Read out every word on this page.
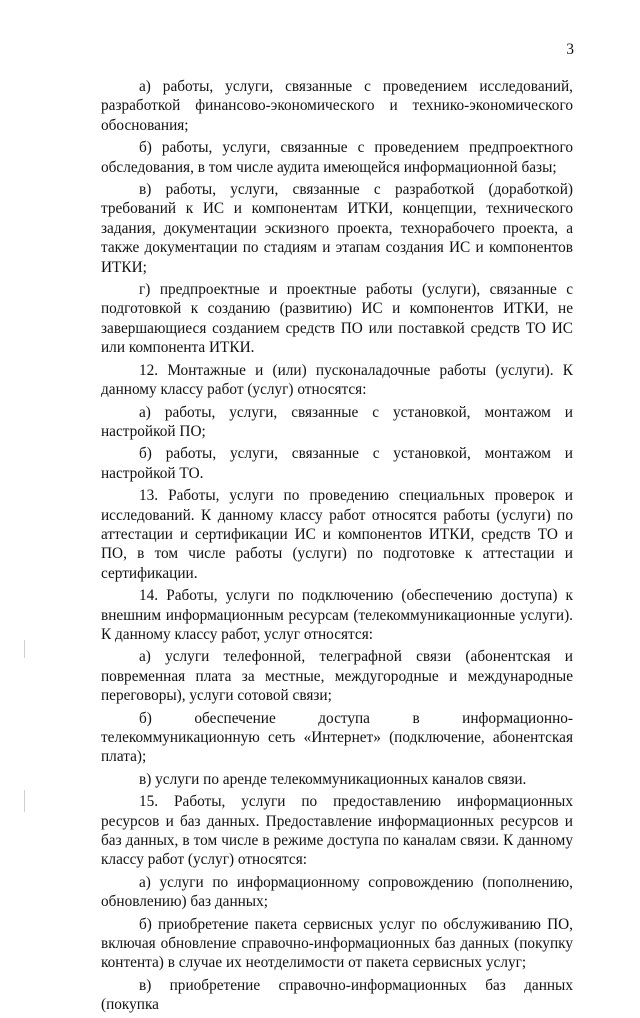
3

а) работы, услуги, связанные с проведением исследований, разработкой финансово-экономического и технико-экономического обоснования;

б) работы, услуги, связанные с проведением предпроектного обследования, в том числе аудита имеющейся информационной базы;

в) работы, услуги, связанные с разработкой (доработкой) требований к ИС и компонентам ИТКИ, концепции, технического задания, документации эскизного проекта, технорабочего проекта, а также документации по стадиям и этапам создания ИС и компонентов ИТКИ;

г) предпроектные и проектные работы (услуги), связанные с подготовкой к созданию (развитию) ИС и компонентов ИТКИ, не завершающиеся созданием средств ПО или поставкой средств ТО ИС или компонента ИТКИ.

12. Монтажные и (или) пусконаладочные работы (услуги). К данному классу работ (услуг) относятся:

а) работы, услуги, связанные с установкой, монтажом и настройкой ПО;

б) работы, услуги, связанные с установкой, монтажом и настройкой ТО.

13. Работы, услуги по проведению специальных проверок и исследований. К данному классу работ относятся работы (услуги) по аттестации и сертификации ИС и компонентов ИТКИ, средств ТО и ПО, в том числе работы (услуги) по подготовке к аттестации и сертификации.

14. Работы, услуги по подключению (обеспечению доступа) к внешним информационным ресурсам (телекоммуникационные услуги). К данному классу работ, услуг относятся:

а) услуги телефонной, телеграфной связи (абонентская и повременная плата за местные, междугородные и международные переговоры), услуги сотовой связи;

б) обеспечение доступа в информационно-телекоммуникационную сеть «Интернет» (подключение, абонентская плата);

в) услуги по аренде телекоммуникационных каналов связи.

15. Работы, услуги по предоставлению информационных ресурсов и баз данных. Предоставление информационных ресурсов и баз данных, в том числе в режиме доступа по каналам связи. К данному классу работ (услуг) относятся:

а) услуги по информационному сопровождению (пополнению, обновлению) баз данных;

б) приобретение пакета сервисных услуг по обслуживанию ПО, включая обновление справочно-информационных баз данных (покупку контента) в случае их неотделимости от пакета сервисных услуг;

в) приобретение справочно-информационных баз данных (покупка
